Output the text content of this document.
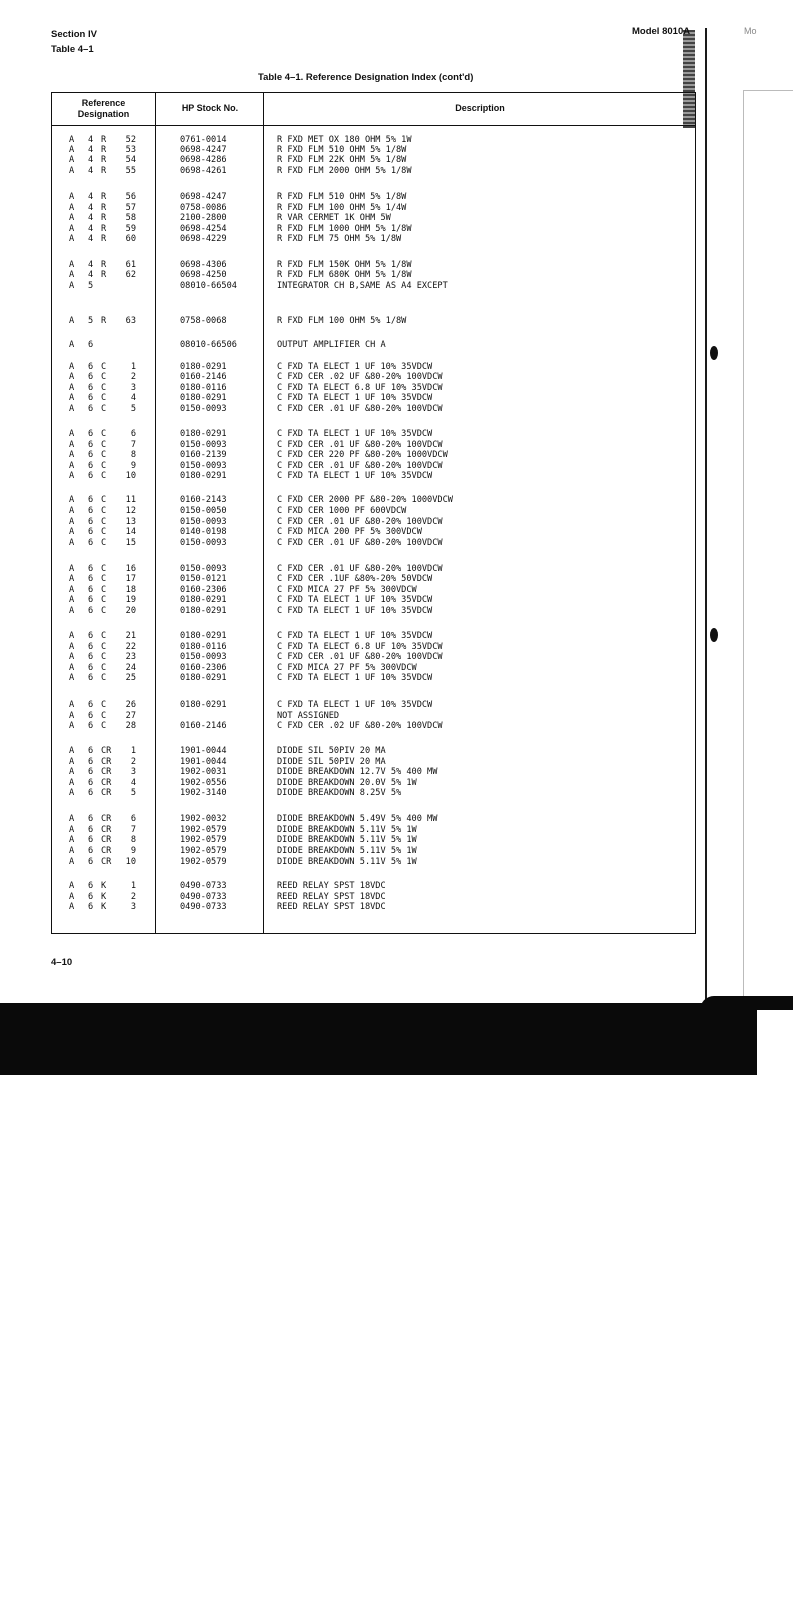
Section IV
Table 4–1
Model 8010A	Mo
Table 4–1. Reference Designation Index (cont'd)
Reference
Designation
HP Stock No.	Description
A 4 R	52	0761-0014	R FXD MET OX 180 OHM 5% 1W
A 4 R	53	0698-4247	R FXD FLM 510 OHM 5% 1/8W
A 4 R	54	0698-4286	R FXD FLM 22K OHM 5% 1/8W
A 4 R	55	0698-4261	R FXD FLM 2000 OHM 5% 1/8W
A 4 R	56	0698-4247	R FXD FLM 510 OHM 5% 1/8W
A 4 R	57	0758-0086	R FXD FLM 100 OHM 5% 1/4W
A 4 R	58	2100-2800	R VAR CERMET 1K OHM 5W
A 4 R	59	0698-4254	R FXD FLM 1000 OHM 5% 1/8W
A 4 R	60	0698-4229	R FXD FLM 75 OHM 5% 1/8W
A 4 R	61	0698-4306	R FXD FLM 150K OHM 5% 1/8W
A 4 R	62	0698-4250	R FXD FLM 680K OHM 5% 1/8W
A 5	08010-66504	INTEGRATOR CH B,SAME AS A4 EXCEPT
A 5 R	63	0758-0068	R FXD FLM 100 OHM 5% 1/8W
A 6	08010-66506	OUTPUT AMPLIFIER CH A
A 6 C	1	0180-0291	C FXD TA ELECT 1 UF 10% 35VDCW
A 6 C	2	0160-2146	C FXD CER .02 UF &80-20% 100VDCW
A 6 C	3	0180-0116	C FXD TA ELECT 6.8 UF 10% 35VDCW
A 6 C	4	0180-0291	C FXD TA ELECT 1 UF 10% 35VDCW
A 6 C	5	0150-0093	C FXD CER .01 UF &80-20% 100VDCW
A 6 C	6	0180-0291	C FXD TA ELECT 1 UF 10% 35VDCW
A 6 C	7	0150-0093	C FXD CER .01 UF &80-20% 100VDCW
A 6 C	8	0160-2139	C FXD CER 220 PF &80-20% 1000VDCW
A 6 C	9	0150-0093	C FXD CER .01 UF &80-20% 100VDCW
A 6 C	10	0180-0291	C FXD TA ELECT 1 UF 10% 35VDCW
A 6 C	11	0160-2143	C FXD CER 2000 PF &80-20% 1000VDCW
A 6 C	12	0150-0050	C FXD CER 1000 PF 600VDCW
A 6 C	13	0150-0093	C FXD CER .01 UF &80-20% 100VDCW
A 6 C	14	0140-0198	C FXD MICA 200 PF 5% 300VDCW
A 6 C	15	0150-0093	C FXD CER .01 UF &80-20% 100VDCW
A 6 C	16	0150-0093	C FXD CER .01 UF &80-20% 100VDCW
A 6 C	17	0150-0121	C FXD CER .1UF &80%-20% 50VDCW
A 6 C	18	0160-2306	C FXD MICA 27 PF 5% 300VDCW
A 6 C	19	0180-0291	C FXD TA ELECT 1 UF 10% 35VDCW
A 6 C	20	0180-0291	C FXD TA ELECT 1 UF 10% 35VDCW
A 6 C	21	0180-0291	C FXD TA ELECT 1 UF 10% 35VDCW
A 6 C	22	0180-0116	C FXD TA ELECT 6.8 UF 10% 35VDCW
A 6 C	23	0150-0093	C FXD CER .01 UF &80-20% 100VDCW
A 6 C	24	0160-2306	C FXD MICA 27 PF 5% 300VDCW
A 6 C	25	0180-0291	C FXD TA ELECT 1 UF 10% 35VDCW
A 6 C	26	0180-0291	C FXD TA ELECT 1 UF 10% 35VDCW
A 6 C	27	NOT ASSIGNED
A 6 C	28	0160-2146	C FXD CER .02 UF &80-20% 100VDCW
A 6 CR	1	1901-0044	DIODE SIL 50PIV 20 MA
A 6 CR	2	1901-0044	DIODE SIL 50PIV 20 MA
A 6 CR	3	1902-0031	DIODE BREAKDOWN 12.7V 5% 400 MW
A 6 CR	4	1902-0556	DIODE BREAKDOWN 20.0V 5% 1W
A 6 CR	5	1902-3140	DIODE BREAKDOWN 8.25V 5%
A 6 CR	6	1902-0032	DIODE BREAKDOWN 5.49V 5% 400 MW
A 6 CR	7	1902-0579	DIODE BREAKDOWN 5.11V 5% 1W
A 6 CR	8	1902-0579	DIODE BREAKDOWN 5.11V 5% 1W
A 6 CR	9	1902-0579	DIODE BREAKDOWN 5.11V 5% 1W
A 6 CR	10	1902-0579	DIODE BREAKDOWN 5.11V 5% 1W
A 6 K	1	0490-0733	REED RELAY SPST 18VDC
A 6 K	2	0490-0733	REED RELAY SPST 18VDC
A 6 K	3	0490-0733	REED RELAY SPST 18VDC
4–10
